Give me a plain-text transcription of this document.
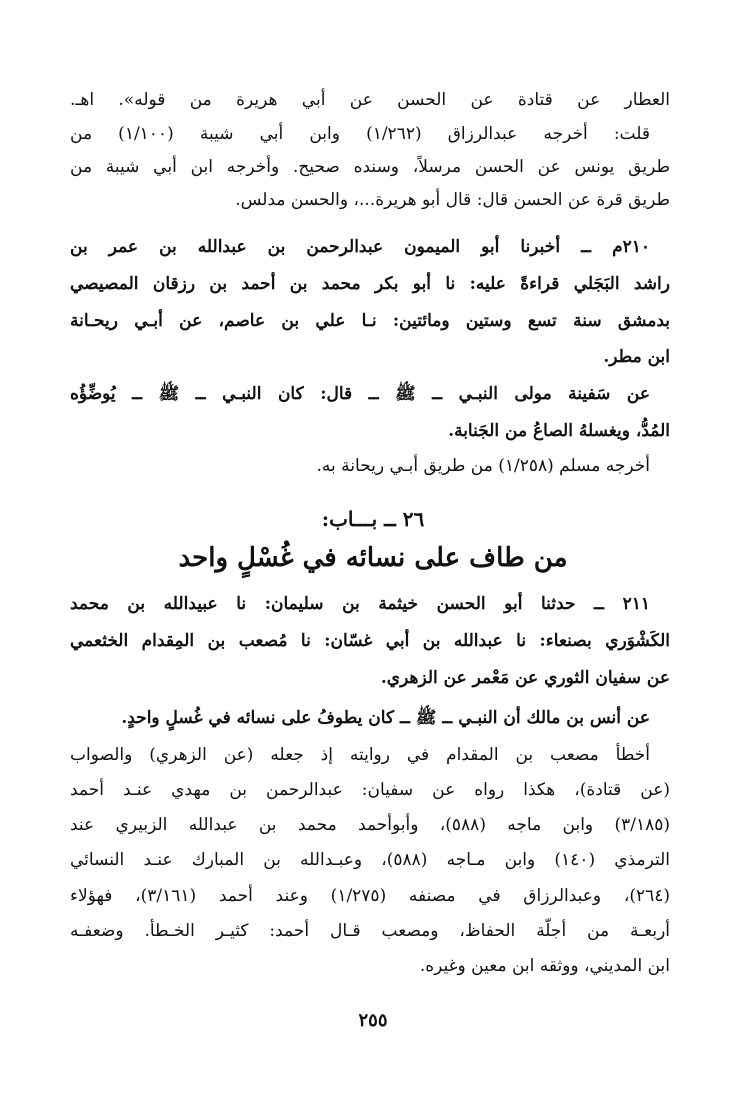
العطار عن قتادة عن الحسن عن أبي هريرة من قوله». اهـ.
قلت: أخرجه عبدالرزاق (١/٢٦٢) وابن أبي شيبة (١/١٠٠) من
طريق يونس عن الحسن مرسلاً، وسنده صحيح. وأخرجه ابن أبي شيبة من
طريق قرة عن الحسن قال: قال أبو هريرة...، والحسن مدلس.
٢١٠م ــ أخبرنا أبو الميمون عبدالرحمن بن عبدالله بن عمر بن
راشد البَجَلي قراءةً عليه: نا أبو بكر محمد بن أحمد بن رزقان المصيصي
بدمشق سنة تسع وستين ومائتين: نـا علي بن عاصم، عن أبـي ريحـانة
ابن مطر.
عن سَفينة مولى النبـي ــ ﷺ ــ قال: كان النبـي ــ ﷺ ــ يُوضِّؤُه
المُدُّ، ويغسلهُ الصاعُ من الجَنابة.
أخرجه مسلم (١/٢٥٨) من طريق أبـي ريحانة به.
٢٦ ــ بـــاب:
من طاف على نسائه في غُسْلٍ واحد
٢١١ ــ حدثنا أبو الحسن خيثمة بن سليمان: نا عبيدالله بن محمد
الكَشْوَري بصنعاء: نا عبدالله بن أبي غسّان: نا مُصعب بن المِقدام الخثعمي
عن سفيان الثوري عن مَعْمر عن الزهري.
عن أنس بن مالك أن النبـي ــ ﷺ ــ كان يطوفُ على نسائه في غُسلٍ واحدٍ.
أخطأ مصعب بن المقدام في روايته إذ جعله (عن الزهري) والصواب
(عن قتادة)، هكذا رواه عن سفيان: عبدالرحمن بن مهدي عنـد أحمد
(٣/١٨٥) وابن ماجه (٥٨٨)، وأبوأحمد محمد بن عبدالله الزبيري عند
الترمذي (١٤٠) وابن مـاجه (٥٨٨)، وعبـدالله بن المبارك عنـد النسائي
(٢٦٤)، وعبدالرزاق في مصنفه (١/٢٧٥) وعند أحمد (٣/١٦١)، فهؤلاء
أربعـة من أجلّة الحفاظ، ومصعب قـال أحمد: كثيـر الخـطأ. وضعفـه
ابن المديني، ووثقه ابن معين وغيره.
٢٥٥
